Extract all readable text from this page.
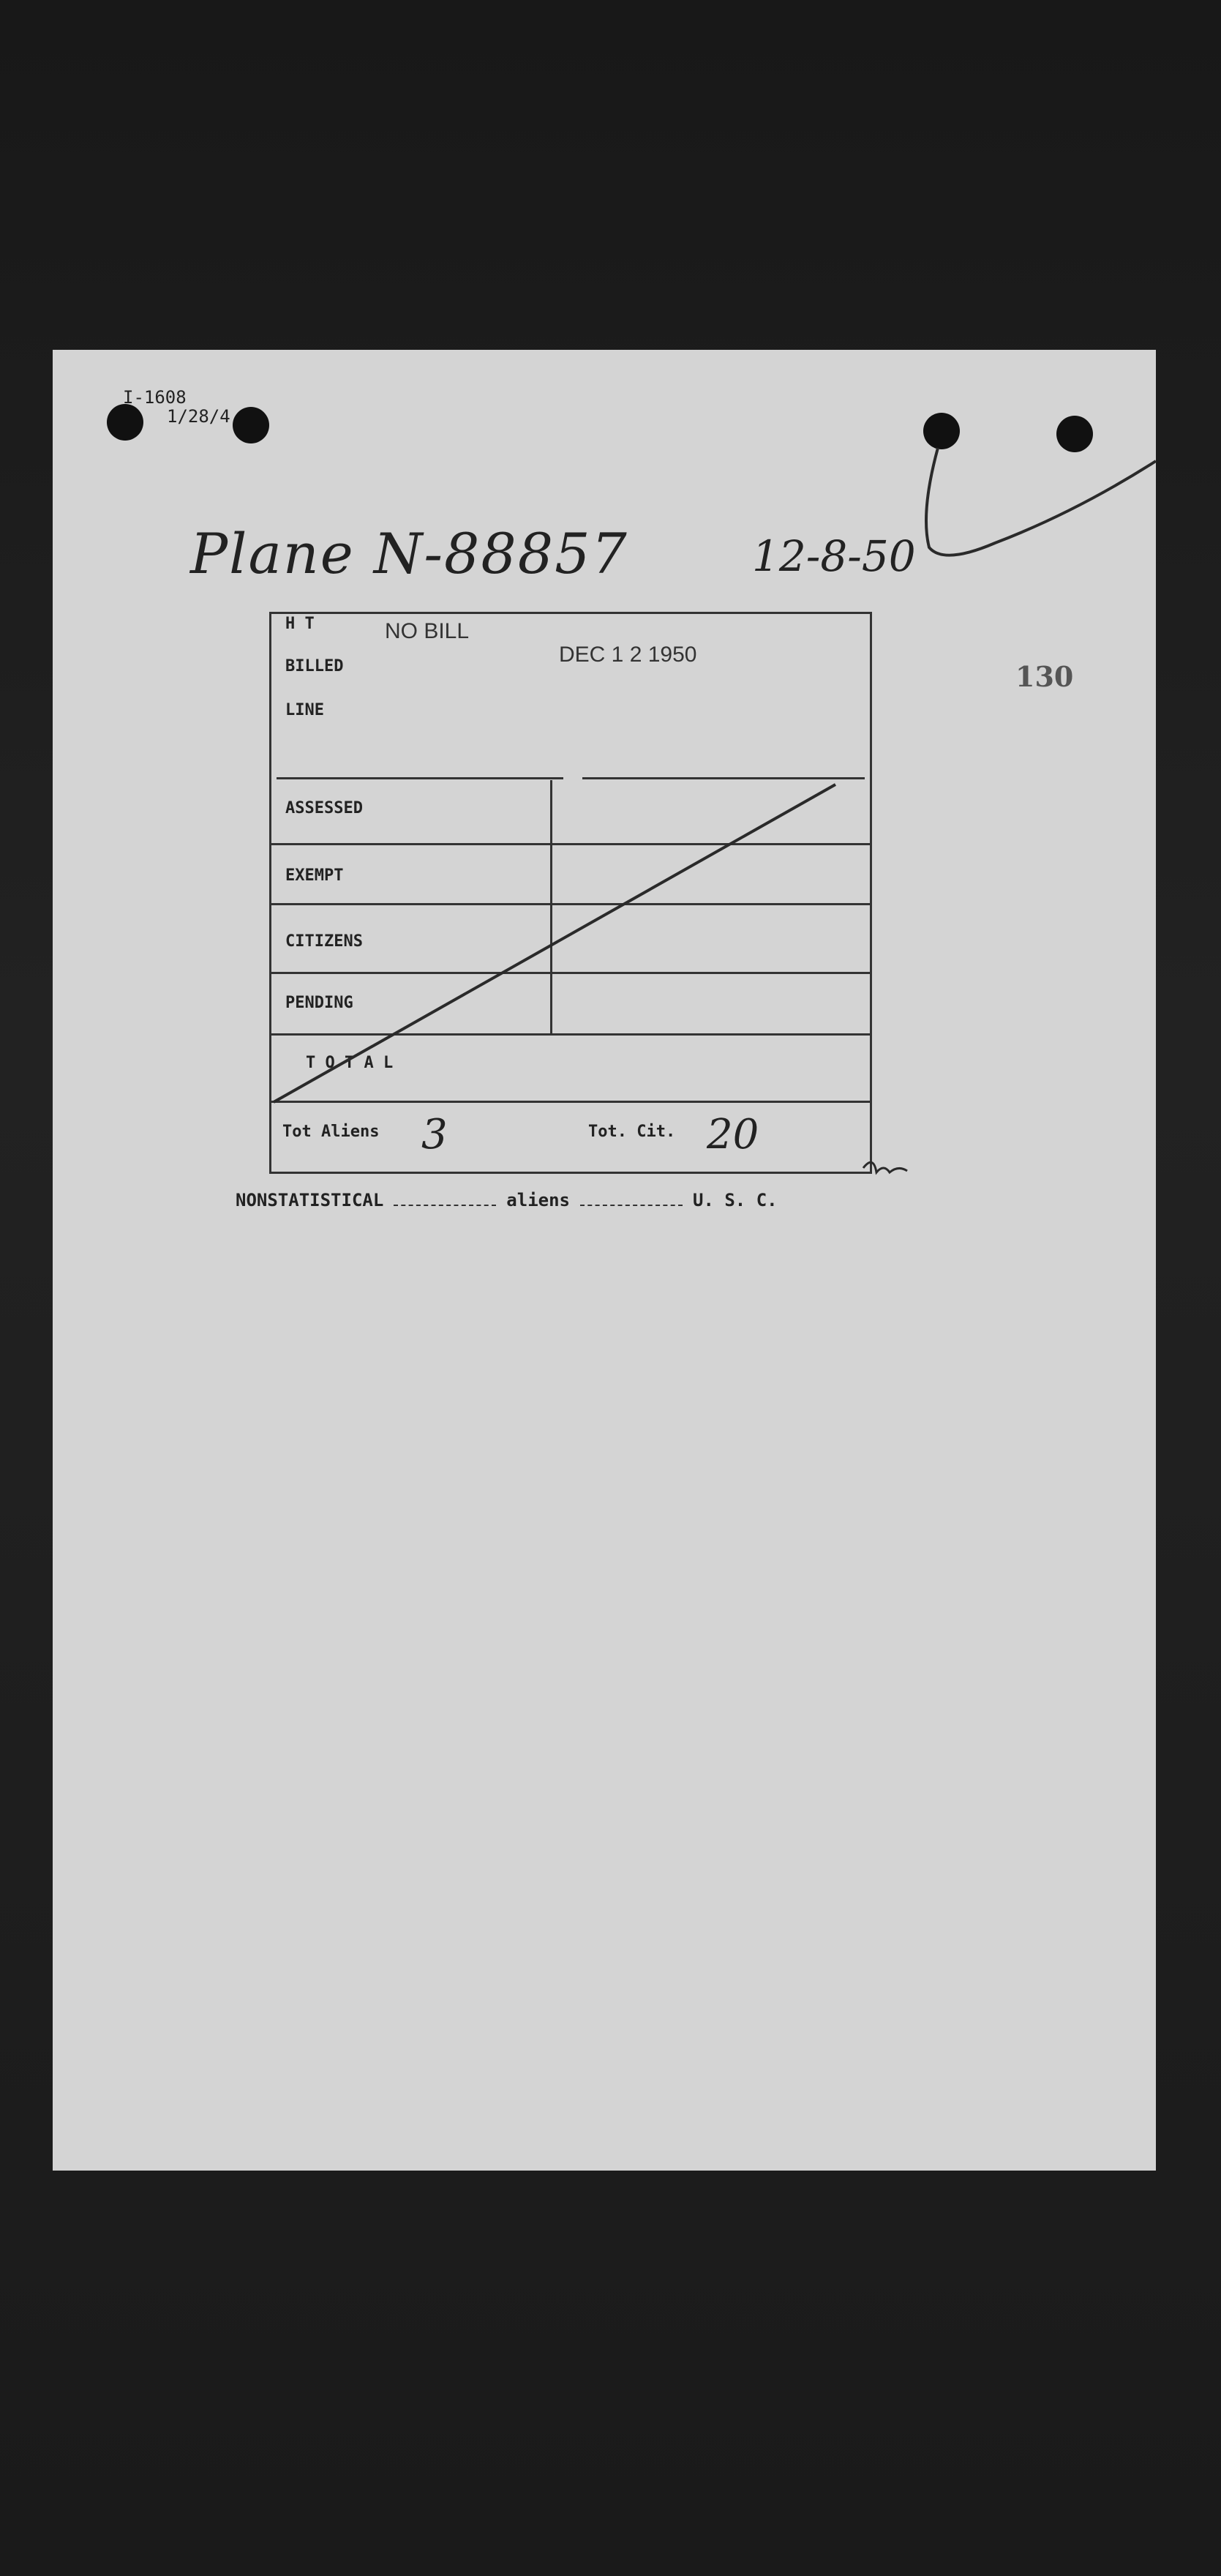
I-1608
1/28/4
Plane N-88857	12-8-50
130
H T	NO BILL
DEC 1 2 1950
BILLED
LINE
ASSESSED
EXEMPT
CITIZENS
PENDING
T O T A L
Tot Aliens 3	Tot. Cit. 20
NONSTATISTICAL	aliens	U. S. C.
